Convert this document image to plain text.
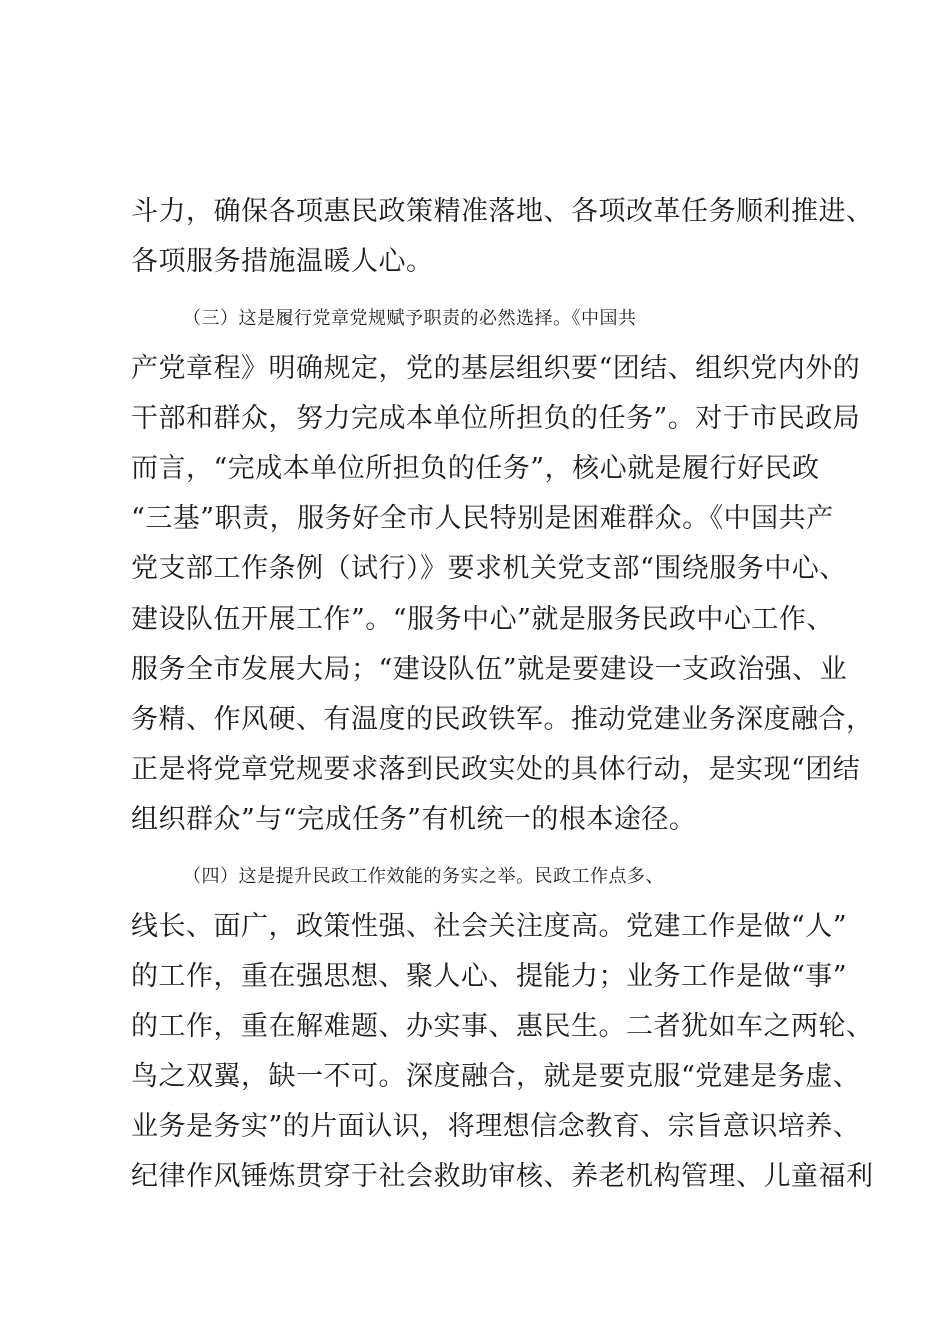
斗力，确保各项惠民政策精准落地、各项改革任务顺利推进、
各项服务措施温暖人心。
（三）这是履行党章党规赋予职责的必然选择。《中国共
产党章程》明确规定，党的基层组织要“团结、组织党内外的
干部和群众，努力完成本单位所担负的任务”。对于市民政局
而言，“完成本单位所担负的任务”，核心就是履行好民政
“三基”职责，服务好全市人民特别是困难群众。《中国共产
党支部工作条例（试行）》要求机关党支部“围绕服务中心、
建设队伍开展工作”。“服务中心”就是服务民政中心工作、
服务全市发展大局；“建设队伍”就是要建设一支政治强、业
务精、作风硬、有温度的民政铁军。推动党建业务深度融合，
正是将党章党规要求落到民政实处的具体行动，是实现“团结
组织群众”与“完成任务”有机统一的根本途径。
（四）这是提升民政工作效能的务实之举。民政工作点多、
线长、面广，政策性强、社会关注度高。党建工作是做“人”
的工作，重在强思想、聚人心、提能力；业务工作是做“事”
的工作，重在解难题、办实事、惠民生。二者犹如车之两轮、
鸟之双翼，缺一不可。深度融合，就是要克服“党建是务虚、
业务是务实”的片面认识，将理想信念教育、宗旨意识培养、
纪律作风锤炼贯穿于社会救助审核、养老机构管理、儿童福利
